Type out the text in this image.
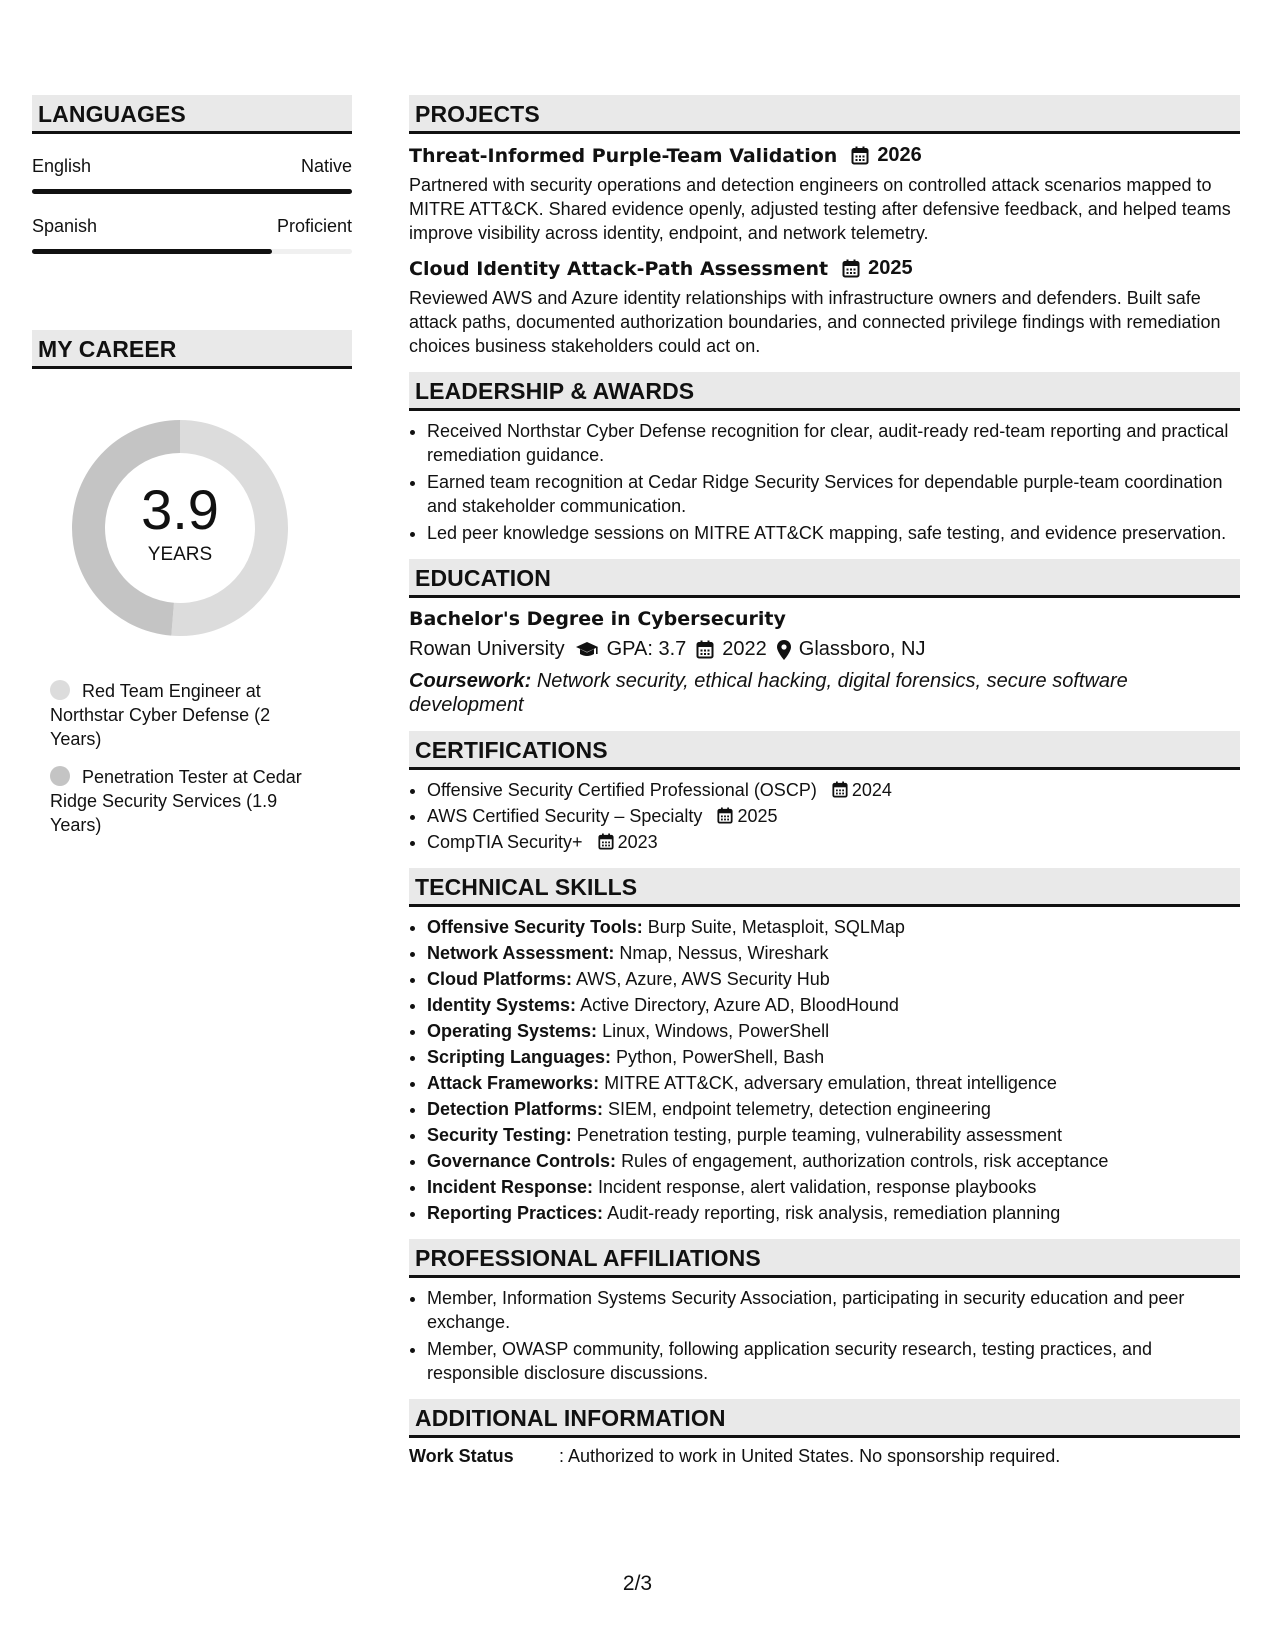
LANGUAGES
English	Native
Spanish	Proficient
MY CAREER
3.9
YEARS
Red Team Engineer at Northstar Cyber Defense (2 Years)
Penetration Tester at Cedar Ridge Security Services (1.9 Years)
PROJECTS
Threat-Informed Purple-Team Validation 2026
Partnered with security operations and detection engineers on controlled attack scenarios mapped to MITRE ATT&CK. Shared evidence openly, adjusted testing after defensive feedback, and helped teams improve visibility across identity, endpoint, and network telemetry.
Cloud Identity Attack-Path Assessment 2025
Reviewed AWS and Azure identity relationships with infrastructure owners and defenders. Built safe attack paths, documented authorization boundaries, and connected privilege findings with remediation choices business stakeholders could act on.
LEADERSHIP & AWARDS
• Received Northstar Cyber Defense recognition for clear, audit-ready red-team reporting and practical remediation guidance.
• Earned team recognition at Cedar Ridge Security Services for dependable purple-team coordination and stakeholder communication.
• Led peer knowledge sessions on MITRE ATT&CK mapping, safe testing, and evidence preservation.
EDUCATION
Bachelor's Degree in Cybersecurity
Rowan University GPA: 3.7 2022 Glassboro, NJ
Coursework: Network security, ethical hacking, digital forensics, secure software development
CERTIFICATIONS
• Offensive Security Certified Professional (OSCP) 2024
• AWS Certified Security – Specialty 2025
• CompTIA Security+ 2023
TECHNICAL SKILLS
• Offensive Security Tools: Burp Suite, Metasploit, SQLMap
• Network Assessment: Nmap, Nessus, Wireshark
• Cloud Platforms: AWS, Azure, AWS Security Hub
• Identity Systems: Active Directory, Azure AD, BloodHound
• Operating Systems: Linux, Windows, PowerShell
• Scripting Languages: Python, PowerShell, Bash
• Attack Frameworks: MITRE ATT&CK, adversary emulation, threat intelligence
• Detection Platforms: SIEM, endpoint telemetry, detection engineering
• Security Testing: Penetration testing, purple teaming, vulnerability assessment
• Governance Controls: Rules of engagement, authorization controls, risk acceptance
• Incident Response: Incident response, alert validation, response playbooks
• Reporting Practices: Audit-ready reporting, risk analysis, remediation planning
PROFESSIONAL AFFILIATIONS
• Member, Information Systems Security Association, participating in security education and peer exchange.
• Member, OWASP community, following application security research, testing practices, and responsible disclosure discussions.
ADDITIONAL INFORMATION
Work Status	: Authorized to work in United States. No sponsorship required.
2/3
